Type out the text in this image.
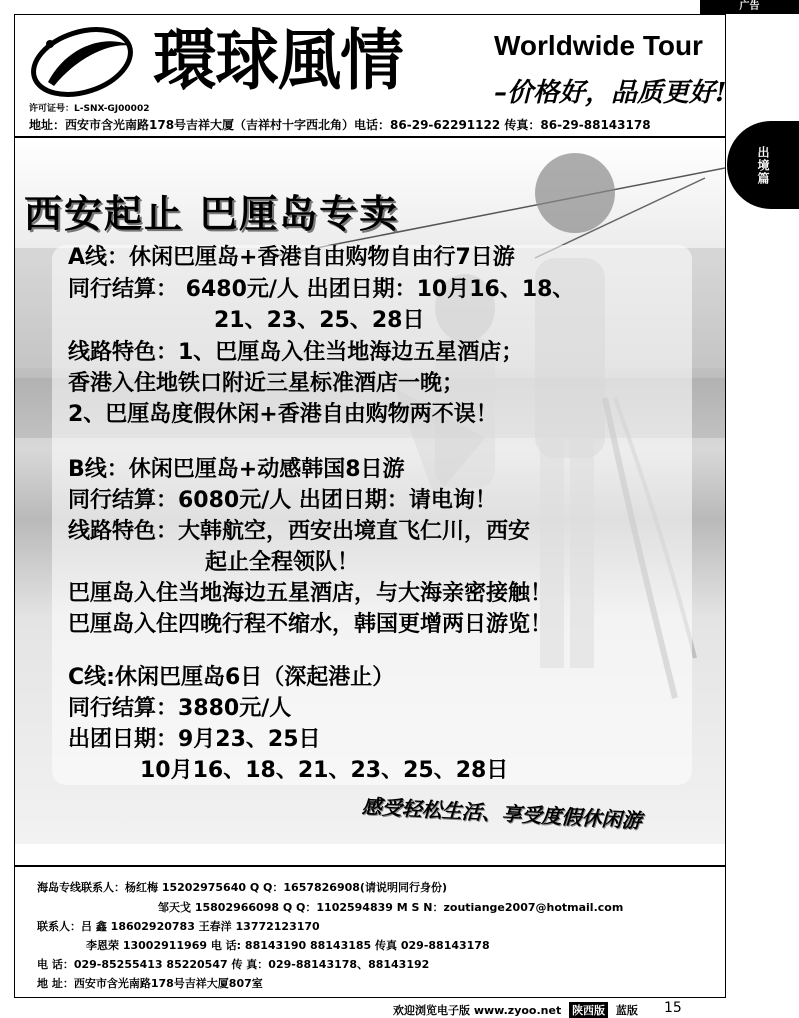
广告
出境篇
環球風情	Worldwide Tour
–价格好，品质更好!
许可证号：L-SNX-GJ00002
地址：西安市含光南路178号吉祥大厦（吉祥村十字西北角）电话：86-29-62291122 传真：86-29-88143178
西安起止 巴厘岛专卖
A线：休闲巴厘岛+香港自由购物自由行7日游
同行结算： 6480元/人 出团日期：10月16、18、
21、23、25、28日
线路特色：1、巴厘岛入住当地海边五星酒店；
香港入住地铁口附近三星标准酒店一晚；
2、巴厘岛度假休闲+香港自由购物两不误！
B线：休闲巴厘岛+动感韩国8日游
同行结算：6080元/人 出团日期：请电询！
线路特色：大韩航空，西安出境直飞仁川，西安
起止全程领队！
巴厘岛入住当地海边五星酒店，与大海亲密接触！
巴厘岛入住四晚行程不缩水，韩国更增两日游览！
C线:休闲巴厘岛6日（深起港止）
同行结算：3880元/人
出团日期：9月23、25日
10月16、18、21、23、25、28日
感受轻松生活、享受度假休闲游
海岛专线联系人：杨红梅 15202975640 Q Q：1657826908(请说明同行身份)
邹天戈 15802966098 Q Q：1102594839 M S N：zoutiange2007@hotmail.com
联系人：吕 鑫 18602920783 王春洋 13772123170
李恩荣 13002911969 电 话: 88143190 88143185 传真 029-88143178
电 话：029-85255413 85220547 传 真：029-88143178、88143192
地 址：西安市含光南路178号吉祥大厦807室
欢迎浏览电子版 www.zyoo.net 陕西版 蓝版 15
